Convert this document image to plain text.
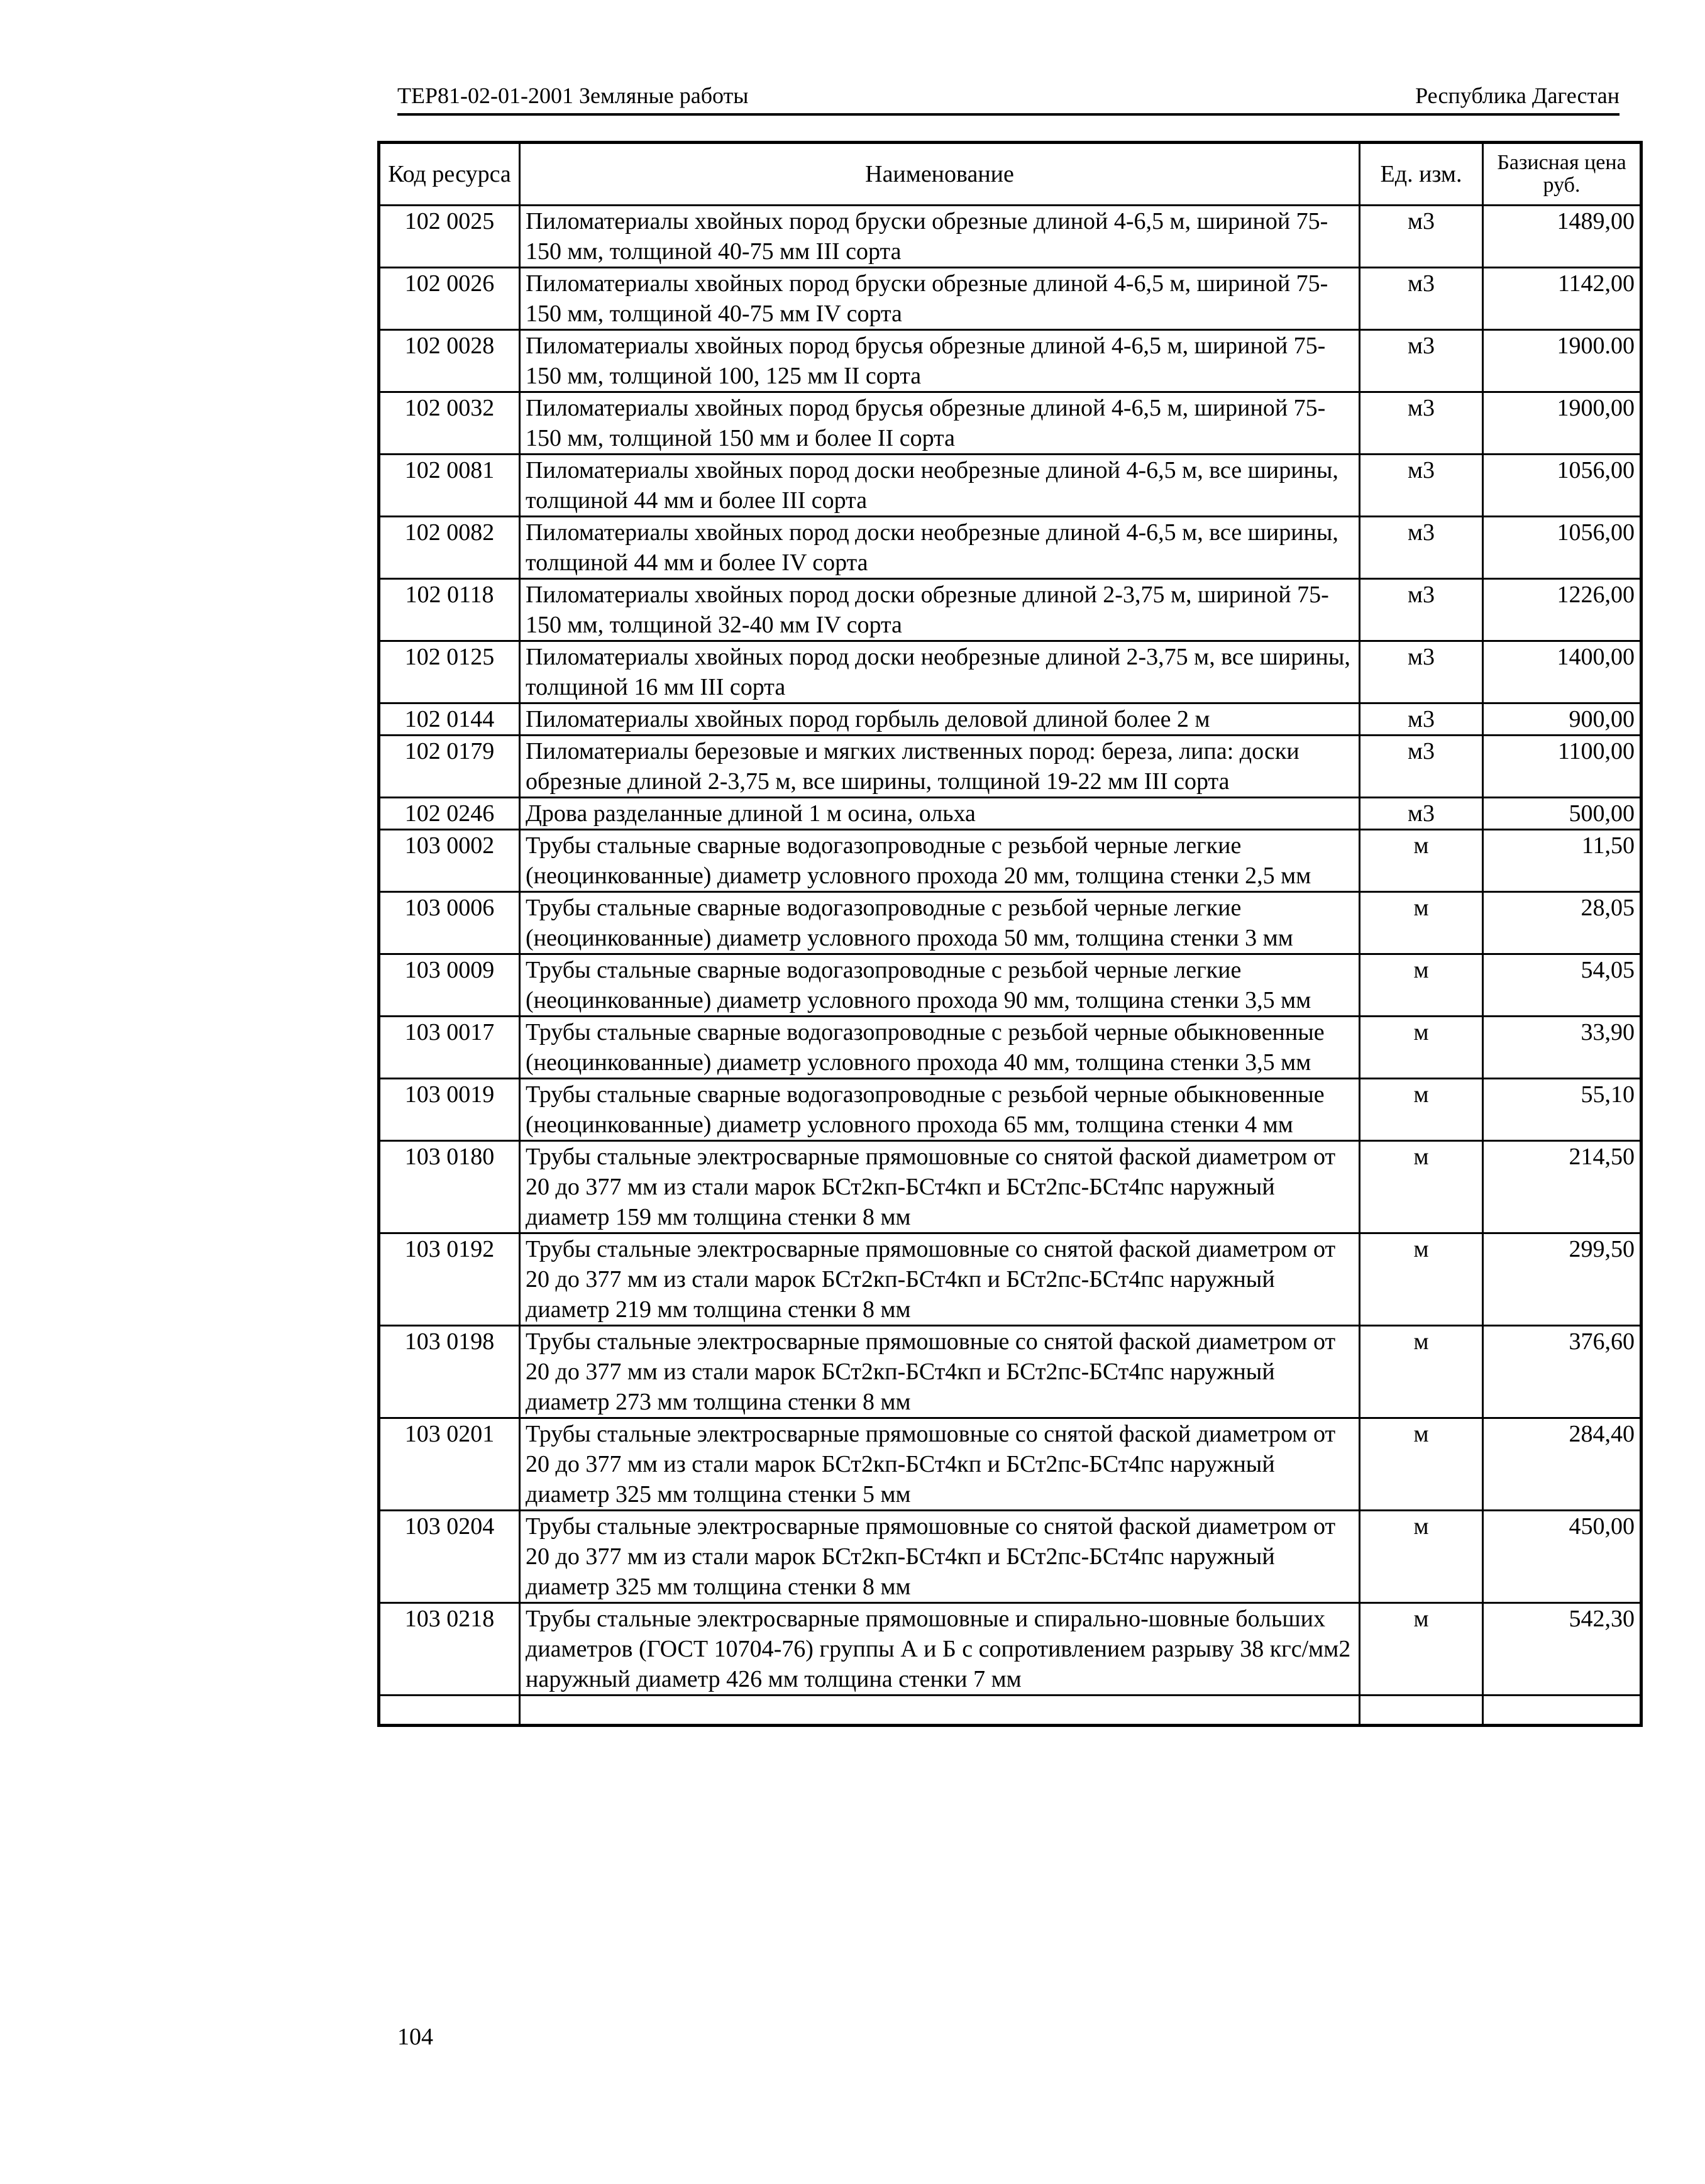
ТЕР81-02-01-2001 Земляные работы	Республика Дагестан
Код ресурса	Наименование	Ед. изм.	Базисная цена руб.
102 0025	Пиломатериалы хвойных пород бруски обрезные длиной 4-6,5 м, шириной 75-150 мм, толщиной 40-75 мм III сорта	м3	1489,00
102 0026	Пиломатериалы хвойных пород бруски обрезные длиной 4-6,5 м, шириной 75-150 мм, толщиной 40-75 мм IV сорта	м3	1142,00
102 0028	Пиломатериалы хвойных пород брусья обрезные длиной 4-6,5 м, шириной 75-150 мм, толщиной 100, 125 мм II сорта	м3	1900.00
102 0032	Пиломатериалы хвойных пород брусья обрезные длиной 4-6,5 м, шириной 75-150 мм, толщиной 150 мм и более II сорта	м3	1900,00
102 0081	Пиломатериалы хвойных пород доски необрезные длиной 4-6,5 м, все ширины, толщиной 44 мм и более III сорта	м3	1056,00
102 0082	Пиломатериалы хвойных пород доски необрезные длиной 4-6,5 м, все ширины, толщиной 44 мм и более IV сорта	м3	1056,00
102 0118	Пиломатериалы хвойных пород доски обрезные длиной 2-3,75 м, шириной 75-150 мм, толщиной 32-40 мм IV сорта	м3	1226,00
102 0125	Пиломатериалы хвойных пород доски необрезные длиной 2-3,75 м, все ширины, толщиной 16 мм III сорта	м3	1400,00
102 0144	Пиломатериалы хвойных пород горбыль деловой длиной более 2 м	м3	900,00
102 0179	Пиломатериалы березовые и мягких лиственных пород: береза, липа: доски обрезные длиной 2-3,75 м, все ширины, толщиной 19-22 мм III сорта	м3	1100,00
102 0246	Дрова разделанные длиной 1 м осина, ольха	м3	500,00
103 0002	Трубы стальные сварные водогазопроводные с резьбой черные легкие (неоцинкованные) диаметр условного прохода 20 мм, толщина стенки 2,5 мм	м	11,50
103 0006	Трубы стальные сварные водогазопроводные с резьбой черные легкие (неоцинкованные) диаметр условного прохода 50 мм, толщина стенки 3 мм	м	28,05
103 0009	Трубы стальные сварные водогазопроводные с резьбой черные легкие (неоцинкованные) диаметр условного прохода 90 мм, толщина стенки 3,5 мм	м	54,05
103 0017	Трубы стальные сварные водогазопроводные с резьбой черные обыкновенные (неоцинкованные) диаметр условного прохода 40 мм, толщина стенки 3,5 мм	м	33,90
103 0019	Трубы стальные сварные водогазопроводные с резьбой черные обыкновенные (неоцинкованные) диаметр условного прохода 65 мм, толщина стенки 4 мм	м	55,10
103 0180	Трубы стальные электросварные прямошовные со снятой фаской диаметром от 20 до 377 мм из стали марок БСт2кп-БСт4кп и БСт2пс-БСт4пс наружный диаметр 159 мм толщина стенки 8 мм	м	214,50
103 0192	Трубы стальные электросварные прямошовные со снятой фаской диаметром от 20 до 377 мм из стали марок БСт2кп-БСт4кп и БСт2пс-БСт4пс наружный диаметр 219 мм толщина стенки 8 мм	м	299,50
103 0198	Трубы стальные электросварные прямошовные со снятой фаской диаметром от 20 до 377 мм из стали марок БСт2кп-БСт4кп и БСт2пс-БСт4пс наружный диаметр 273 мм толщина стенки 8 мм	м	376,60
103 0201	Трубы стальные электросварные прямошовные со снятой фаской диаметром от 20 до 377 мм из стали марок БСт2кп-БСт4кп и БСт2пс-БСт4пс наружный диаметр 325 мм толщина стенки 5 мм	м	284,40
103 0204	Трубы стальные электросварные прямошовные со снятой фаской диаметром от 20 до 377 мм из стали марок БСт2кп-БСт4кп и БСт2пс-БСт4пс наружный диаметр 325 мм толщина стенки 8 мм	м	450,00
103 0218	Трубы стальные электросварные прямошовные и спирально-шовные больших диаметров (ГОСТ 10704-76) группы А и Б с сопротивлением разрыву 38 кгс/мм2 наружный диаметр 426 мм толщина стенки 7 мм	м	542,30

104
